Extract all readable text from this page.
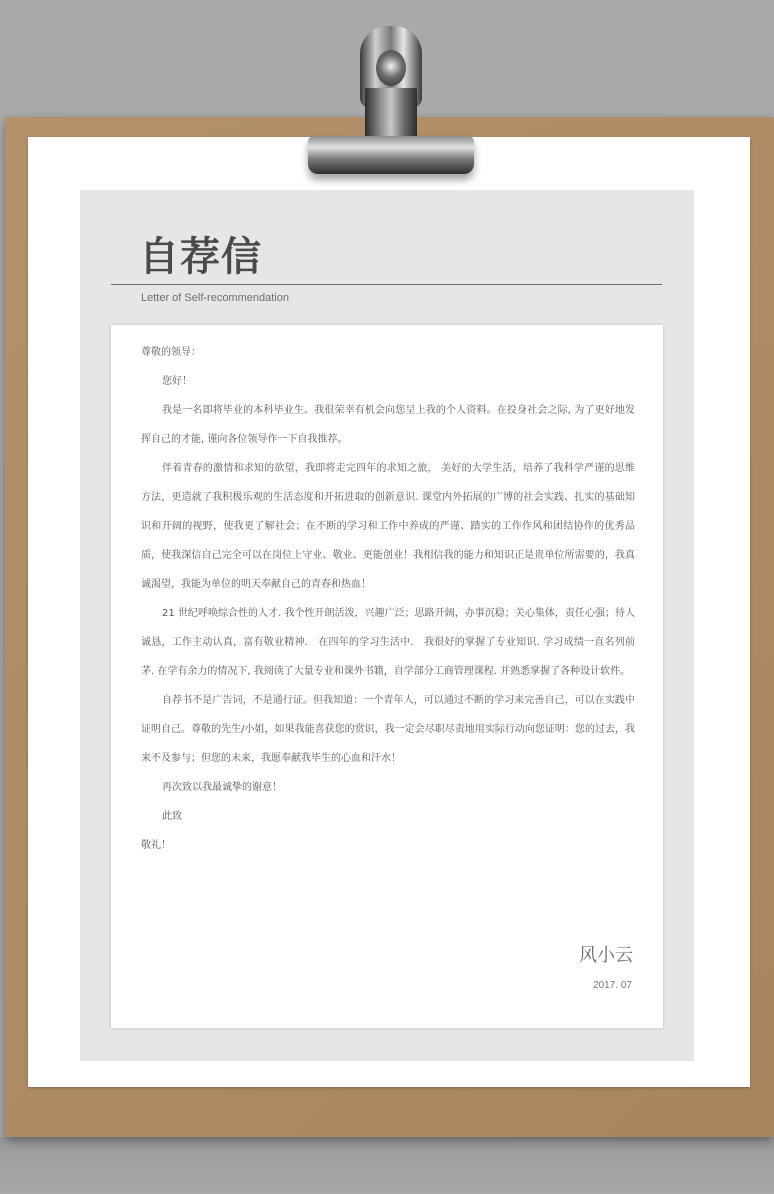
自荐信
Letter of Self-recommendation

尊敬的领导：

您好！

我是一名即将毕业的本科毕业生。我很荣幸有机会向您呈上我的个人资料。在投身社会之际, 为了更好地发挥自己的才能, 谨向各位领导作一下自我推荐。

伴着青春的激情和求知的欲望，我即将走完四年的求知之旅， 美好的大学生活，培养了我科学严谨的思维方法，更造就了我积极乐观的生活态度和开拓进取的创新意识. 课堂内外拓展的广博的社会实践、扎实的基础知识和开阔的视野，使我更了解社会；在不断的学习和工作中养成的严谨、踏实的工作作风和团结协作的优秀品质，使我深信自己完全可以在岗位上守业、敬业、更能创业！我相信我的能力和知识正是贵单位所需要的，我真诚渴望，我能为单位的明天奉献自己的青春和热血！

21 世纪呼唤综合性的人才. 我个性开朗活泼，兴趣广泛；思路开阔，办事沉稳；关心集体，责任心强；待人诚恳，工作主动认真，富有敬业精神． 在四年的学习生活中． 我很好的掌握了专业知识. 学习成绩一直名列前茅. 在学有余力的情况下, 我阅读了大量专业和课外书籍，自学部分工商管理课程. 并熟悉掌握了各种设计软件。

自荐书不是广告词，不是通行证。但我知道：一个青年人，可以通过不断的学习来完善自己，可以在实践中证明自己。尊敬的先生/小姐，如果我能喜获您的赏识，我一定会尽职尽责地用实际行动向您证明：您的过去，我来不及参与；但您的未来，我愿奉献我毕生的心血和汗水！

再次致以我最诚挚的谢意！

此致

敬礼！

风小云
2017. 07
